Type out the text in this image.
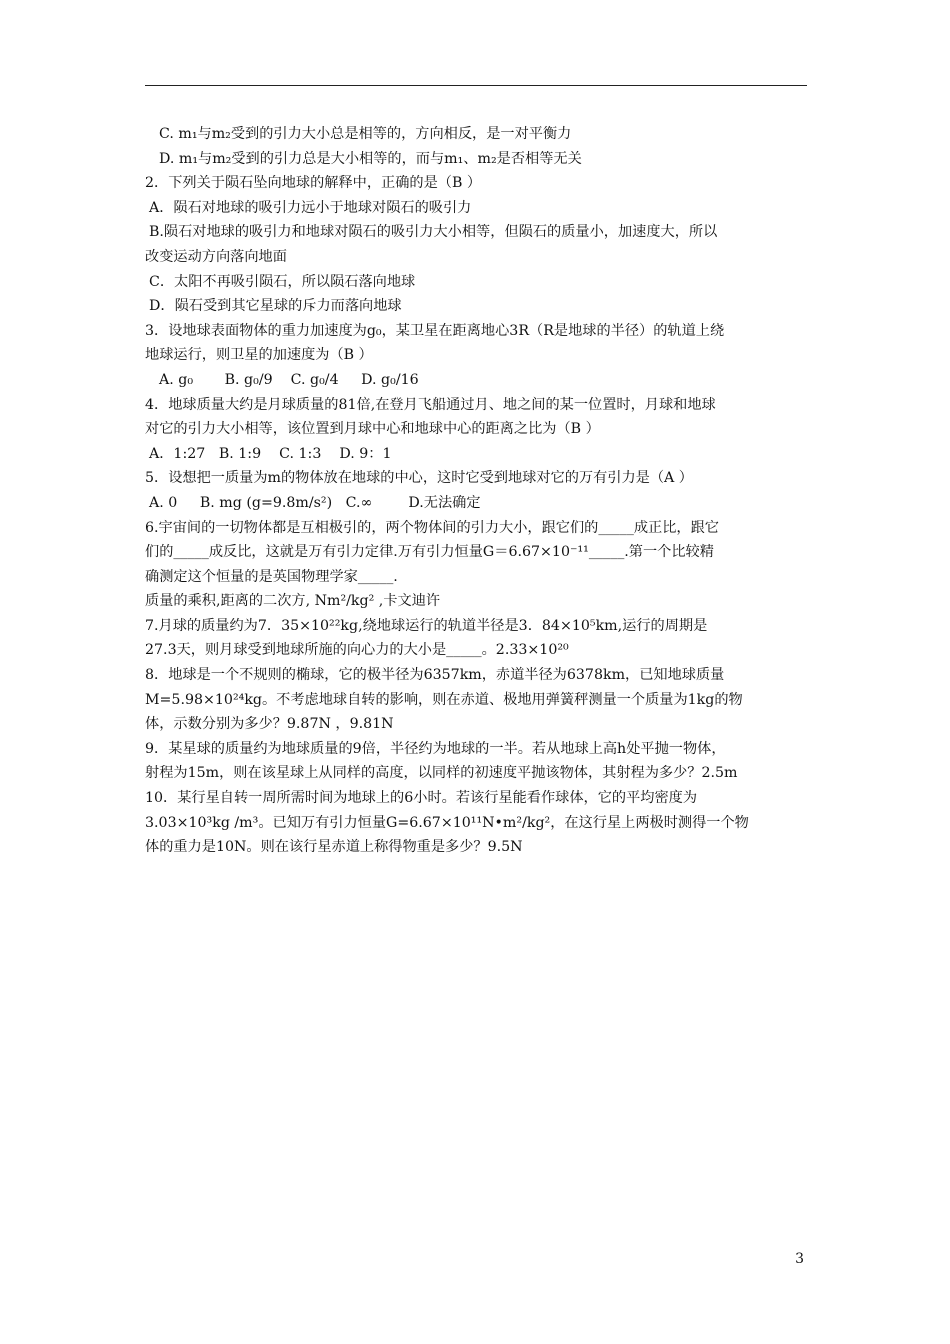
C. m₁与m₂受到的引力大小总是相等的，方向相反，是一对平衡力
D. m₁与m₂受到的引力总是大小相等的，而与m₁、m₂是否相等无关
2．下列关于陨石坠向地球的解释中，正确的是（B ）
A．陨石对地球的吸引力远小于地球对陨石的吸引力
B.陨石对地球的吸引力和地球对陨石的吸引力大小相等，但陨石的质量小，加速度大，所以
改变运动方向落向地面
C．太阳不再吸引陨石，所以陨石落向地球
D．陨石受到其它星球的斥力而落向地球
3．设地球表面物体的重力加速度为g₀，某卫星在距离地心3R（R是地球的半径）的轨道上绕
地球运行，则卫星的加速度为（B ）
A. g₀       B. g₀/9    C. g₀/4     D. g₀/16
4．地球质量大约是月球质量的81倍,在登月飞船通过月、地之间的某一位置时，月球和地球
对它的引力大小相等，该位置到月球中心和地球中心的距离之比为（B ）
A．1:27   B. 1:9    C. 1:3    D. 9：1
5．设想把一质量为m的物体放在地球的中心，这时它受到地球对它的万有引力是（A ）
A. 0     B. mg (g=9.8m/s²)   C.∞        D.无法确定
6.宇宙间的一切物体都是互相极引的，两个物体间的引力大小，跟它们的_____成正比，跟它
们的_____成反比，这就是万有引力定律.万有引力恒量G＝6.67×10⁻¹¹_____.第一个比较精
确测定这个恒量的是英国物理学家_____.
质量的乘积,距离的二次方, Nm²/kg² ,卡文迪许
7.月球的质量约为7．35×10²²kg,绕地球运行的轨道半径是3．84×10⁵km,运行的周期是
27.3天，则月球受到地球所施的向心力的大小是_____。2.33×10²⁰
8．地球是一个不规则的椭球，它的极半径为6357km，赤道半径为6378km，已知地球质量
M=5.98×10²⁴kg。不考虑地球自转的影响，则在赤道、极地用弹簧秤测量一个质量为1kg的物
体，示数分别为多少？9.87N ，9.81N
9．某星球的质量约为地球质量的9倍，半径约为地球的一半。若从地球上高h处平抛一物体，
射程为15m，则在该星球上从同样的高度，以同样的初速度平抛该物体，其射程为多少？2.5m
10．某行星自转一周所需时间为地球上的6小时。若该行星能看作球体，它的平均密度为
3.03×10³kg /m³。已知万有引力恒量G=6.67×10¹¹N•m²/kg²，在这行星上两极时测得一个物
体的重力是10N。则在该行星赤道上称得物重是多少？9.5N
3
